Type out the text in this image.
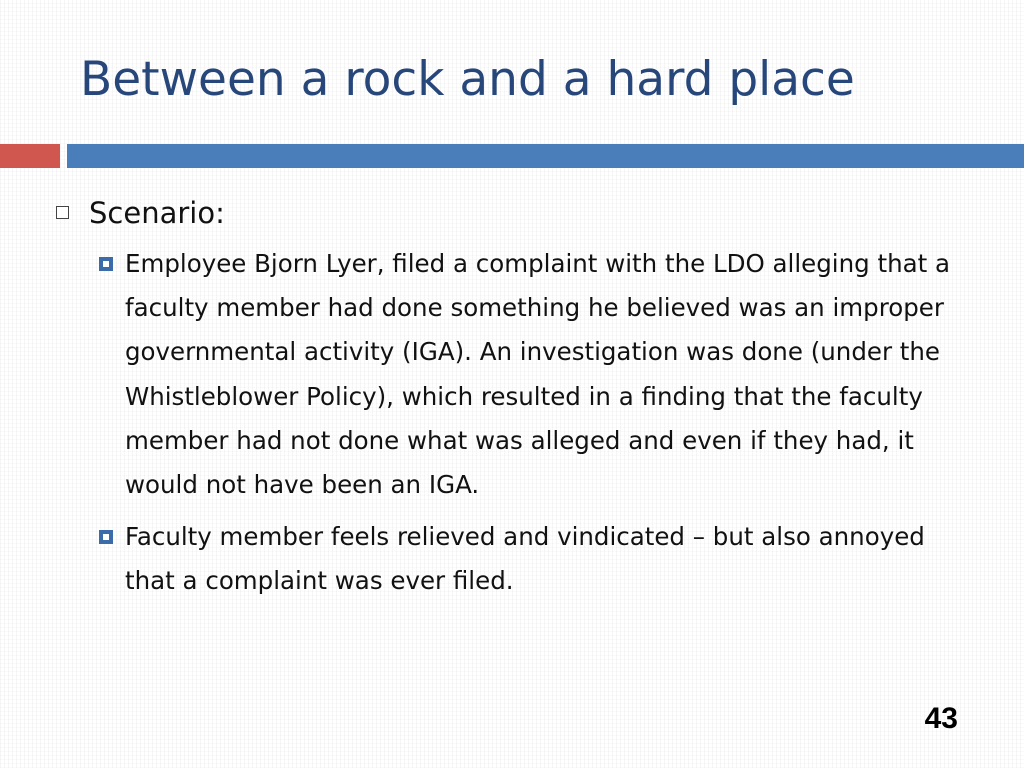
Between a rock and a hard place
Scenario:
Employee Bjorn Lyer, filed a complaint with the LDO alleging that a faculty member had done something he believed was an improper governmental activity (IGA). An investigation was done (under the Whistleblower Policy), which resulted in a finding that the faculty member had not done what was alleged and even if they had, it would not have been an IGA.
Faculty member feels relieved and vindicated – but also annoyed that a complaint was ever filed.
43
